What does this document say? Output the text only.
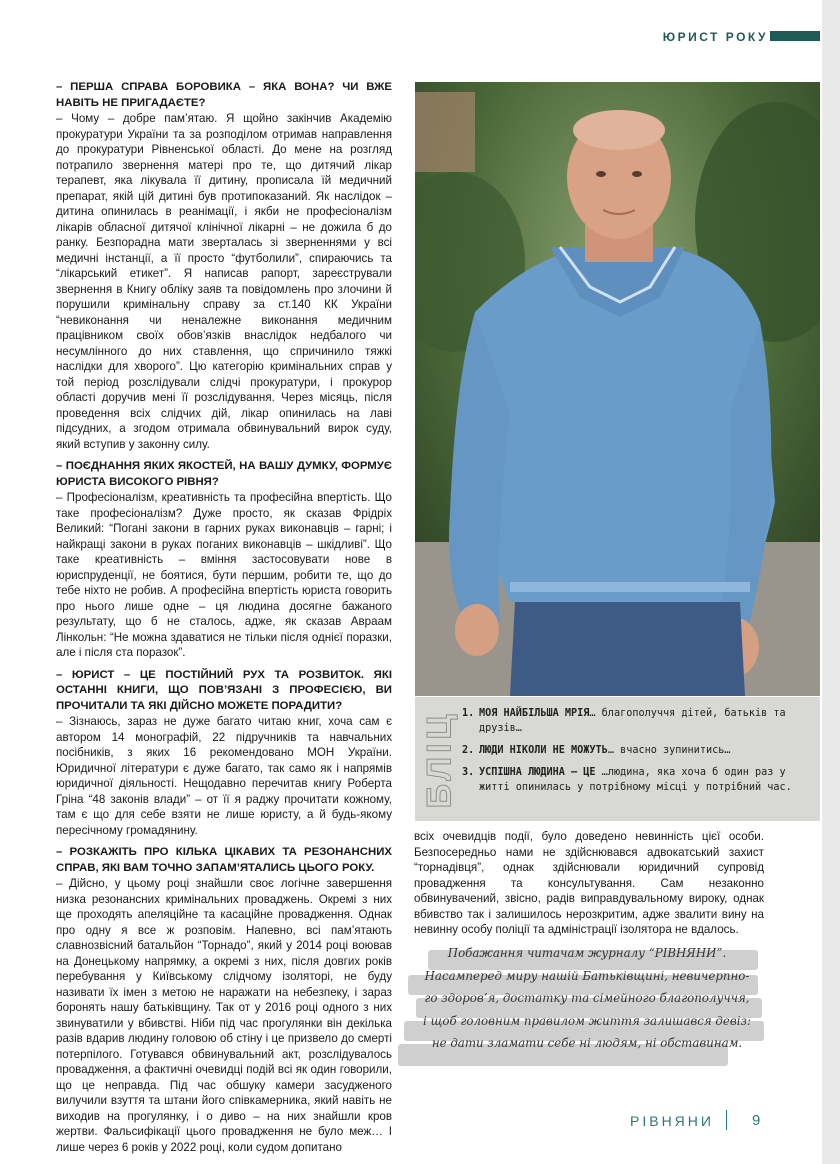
ЮРИСТ РОКУ

– ПЕРША СПРАВА БОРОВИКА – ЯКА ВОНА? ЧИ ВЖЕ НАВІТЬ НЕ ПРИГАДАЄТЕ?

– Чому – добре пам’ятаю. Я щойно закінчив Академію прокуратури України та за розподілом отримав направлення до прокуратури Рівненської області. До мене на розгляд потрапило звернення матері про те, що дитячий лікар терапевт, яка лікувала її дитину, прописала їй медичний препарат, якій цій дитині був протипоказаний. Як наслідок – дитина опинилась в реанімації, і якби не професіоналізм лікарів обласної дитячої клінічної лікарні – не дожила б до ранку. Безпорадна мати зверталась зі зверненнями у всі медичні інстанції, а її просто “футболили”, спираючись та “лікарський етикет”. Я написав рапорт, зареєстрували звернення в Книгу обліку заяв та повідомлень про злочини й порушили кримінальну справу за ст.140 КК України “невиконання чи неналежне виконання медичним працівником своїх обов’язків внаслідок недбалого чи несумлінного до них ставлення, що спричинило тяжкі наслідки для хворого”. Цю категорію кримінальних справ у той період розслідували слідчі прокуратури, і прокурор області доручив мені її розслідування. Через місяць, після проведення всіх слідчих дій, лікар опинилась на лаві підсудних, а згодом отримала обвинувальний вирок суду, який вступив у законну силу.

– ПОЄДНАННЯ ЯКИХ ЯКОСТЕЙ, НА ВАШУ ДУМКУ, ФОРМУЄ ЮРИСТА ВИСОКОГО РІВНЯ?

– Професіоналізм, креативність та професійна впертість. Що таке професіоналізм? Дуже просто, як сказав Фрідріх Великий: “Погані закони в гарних руках виконавців – гарні; і найкращі закони в руках поганих виконавців – шкідливі”. Що таке креативність – вміння застосовувати нове в юриспруденції, не боятися, бути першим, робити те, що до тебе ніхто не робив. А професійна впертість юриста говорить про нього лише одне – ця людина досягне бажаного результату, що б не сталось, адже, як сказав Авраам Лінкольн: “Не можна здаватися не тільки після однієї поразки, але і після ста поразок”.

– ЮРИСТ – ЦЕ ПОСТІЙНИЙ РУХ ТА РОЗВИТОК. ЯКІ ОСТАННІ КНИГИ, ЩО ПОВ’ЯЗАНІ З ПРОФЕСІЄЮ, ВИ ПРОЧИТАЛИ ТА ЯКІ ДІЙСНО МОЖЕТЕ ПОРАДИТИ?

– Зізнаюсь, зараз не дуже багато читаю книг, хоча сам є автором 14 монографій, 22 підручників та навчальних посібників, з яких 16 рекомендовано МОН України. Юридичної літератури є дуже багато, так само як і напрямів юридичної діяльності. Нещодавно перечитав книгу Роберта Гріна “48 законів влади” – от її я раджу прочитати кожному, там є що для себе взяти не лише юристу, а й будь-якому пересічному громадянину.

– РОЗКАЖІТЬ ПРО КІЛЬКА ЦІКАВИХ ТА РЕЗОНАНСНИХ СПРАВ, ЯКІ ВАМ ТОЧНО ЗАПАМ’ЯТАЛИСЬ ЦЬОГО РОКУ.

– Дійсно, у цьому році знайшли своє логічне завершення низка резонансних кримінальних проваджень. Окремі з них ще проходять апеляційне та касаційне провадження. Однак про одну я все ж розповім. Напевно, всі пам’ятають славнозвісний батальйон “Торнадо”, який у 2014 році воював на Донецькому напрямку, а окремі з них, після довгих років перебування у Київському слідчому ізоляторі, не буду називати їх імен з метою не наражати на небезпеку, і зараз боронять нашу батьківщину. Так от у 2016 році одного з них звинуватили у вбивстві. Ніби під час прогулянки він декілька разів вдарив людину головою об стіну і це призвело до смерті потерпілого. Готувався обвинувальний акт, розслідувалось провадження, а фактичні очевидці подій всі як один говорили, що це неправда. Під час обшуку камери засудженого вилучили взуття та штани його співкамерника, який навіть не виходив на прогулянку, і о диво – на них знайшли кров жертви. Фальсифікації цього провадження не було меж… І лише через 6 років у 2022 році, коли судом допитано

БЛІЦ 1. МОЯ НАЙБІЛЬША МРІЯ… благополуччя дітей, батьків та друзів…
2. ЛЮДИ НІКОЛИ НЕ МОЖУТЬ… вчасно зупинитись…
3. УСПІШНА ЛЮДИНА – ЦЕ …людина, яка хоча б один раз у житті опинилась у потрібному місці у потрібний час.

всіх очевидців події, було доведено невинність цієї особи. Безпосередньо нами не здійснювався адвокатський захист “торнадівця”, однак здійснювали юридичний супровід провадження та консультування. Сам незаконно обвинувачений, звісно, радів виправдувальному вироку, однак вбивство так і залишилось нерозкритим, адже звалити вину на невинну особу поліції та адміністрації ізолятора не вдалось.

Побажання читачам журналу “РІВНЯНИ”.
Насамперед миру нашій Батьківщині, невичерпно-
го здоров’я, достатку та сімейного благополуччя,
і щоб головним правилом життя залишався девіз:
не дати зламати себе ні людям, ні обставинам.
РІВНЯНИ	9
